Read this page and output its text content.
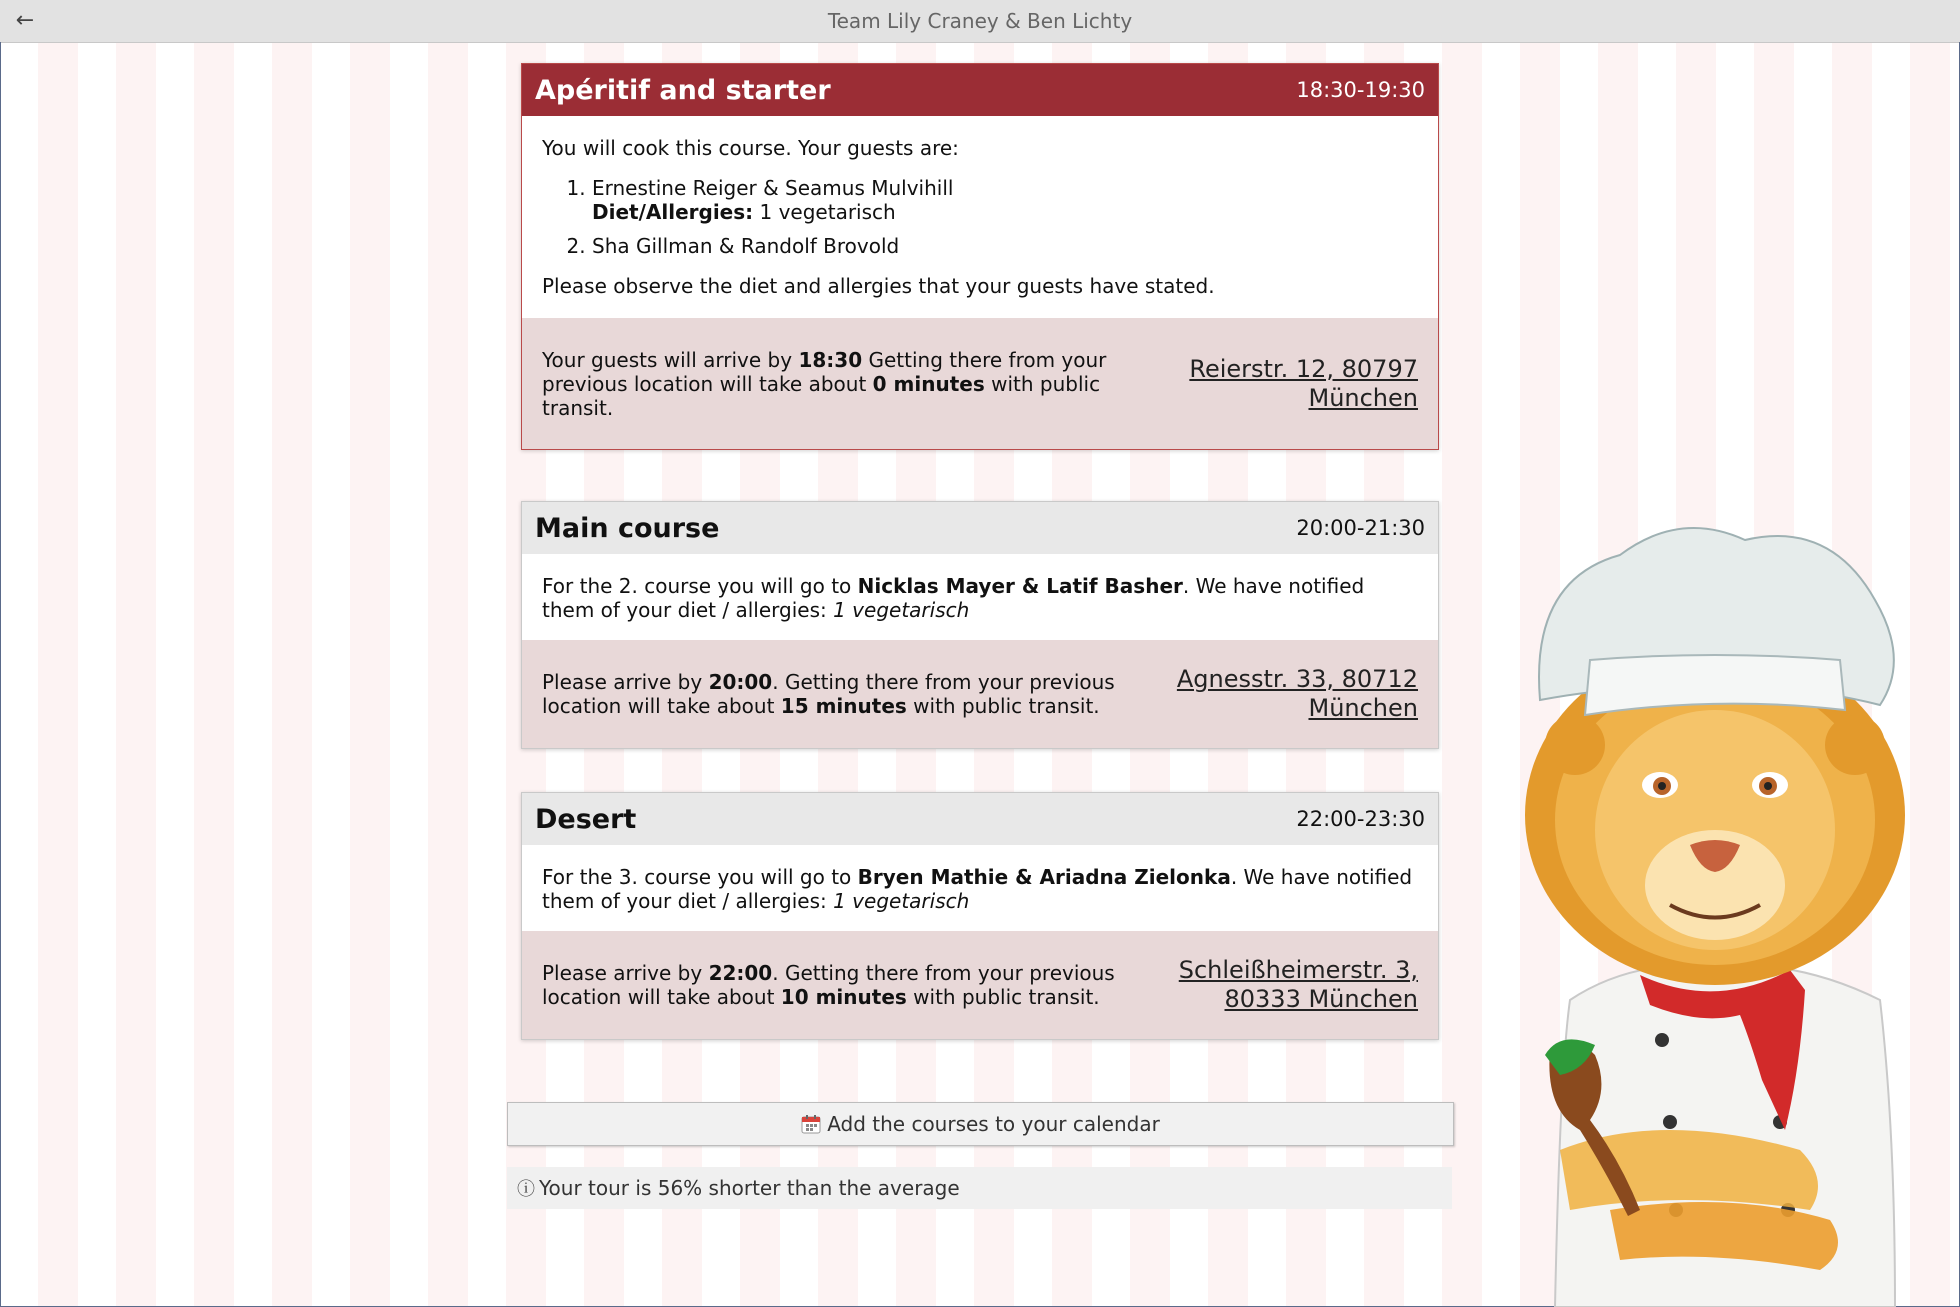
←	Team Lily Craney & Ben Lichty
Apéritif and starter	18:30-19:30

You will cook this course. Your guests are:

1. Ernestine Reiger & Seamus Mulvihill
Diet/Allergies: 1 vegetarisch
2. Sha Gillman & Randolf Brovold

Please observe the diet and allergies that your guests have stated.

Your guests will arrive by 18:30 Getting there from your previous location will take about 0 minutes with public transit.
Reierstr. 12, 80797 München
Main course	20:00-21:30

For the 2. course you will go to Nicklas Mayer & Latif Basher. We have notified them of your diet / allergies: 1 vegetarisch

Please arrive by 20:00. Getting there from your previous location will take about 15 minutes with public transit.
Agnesstr. 33, 80712 München
Desert	22:00-23:30

For the 3. course you will go to Bryen Mathie & Ariadna Zielonka. We have notified them of your diet / allergies: 1 vegetarisch

Please arrive by 22:00. Getting there from your previous location will take about 10 minutes with public transit.
Schleißheimerstr. 3, 80333 München
Add the courses to your calendar
ⓘ Your tour is 56% shorter than the average
